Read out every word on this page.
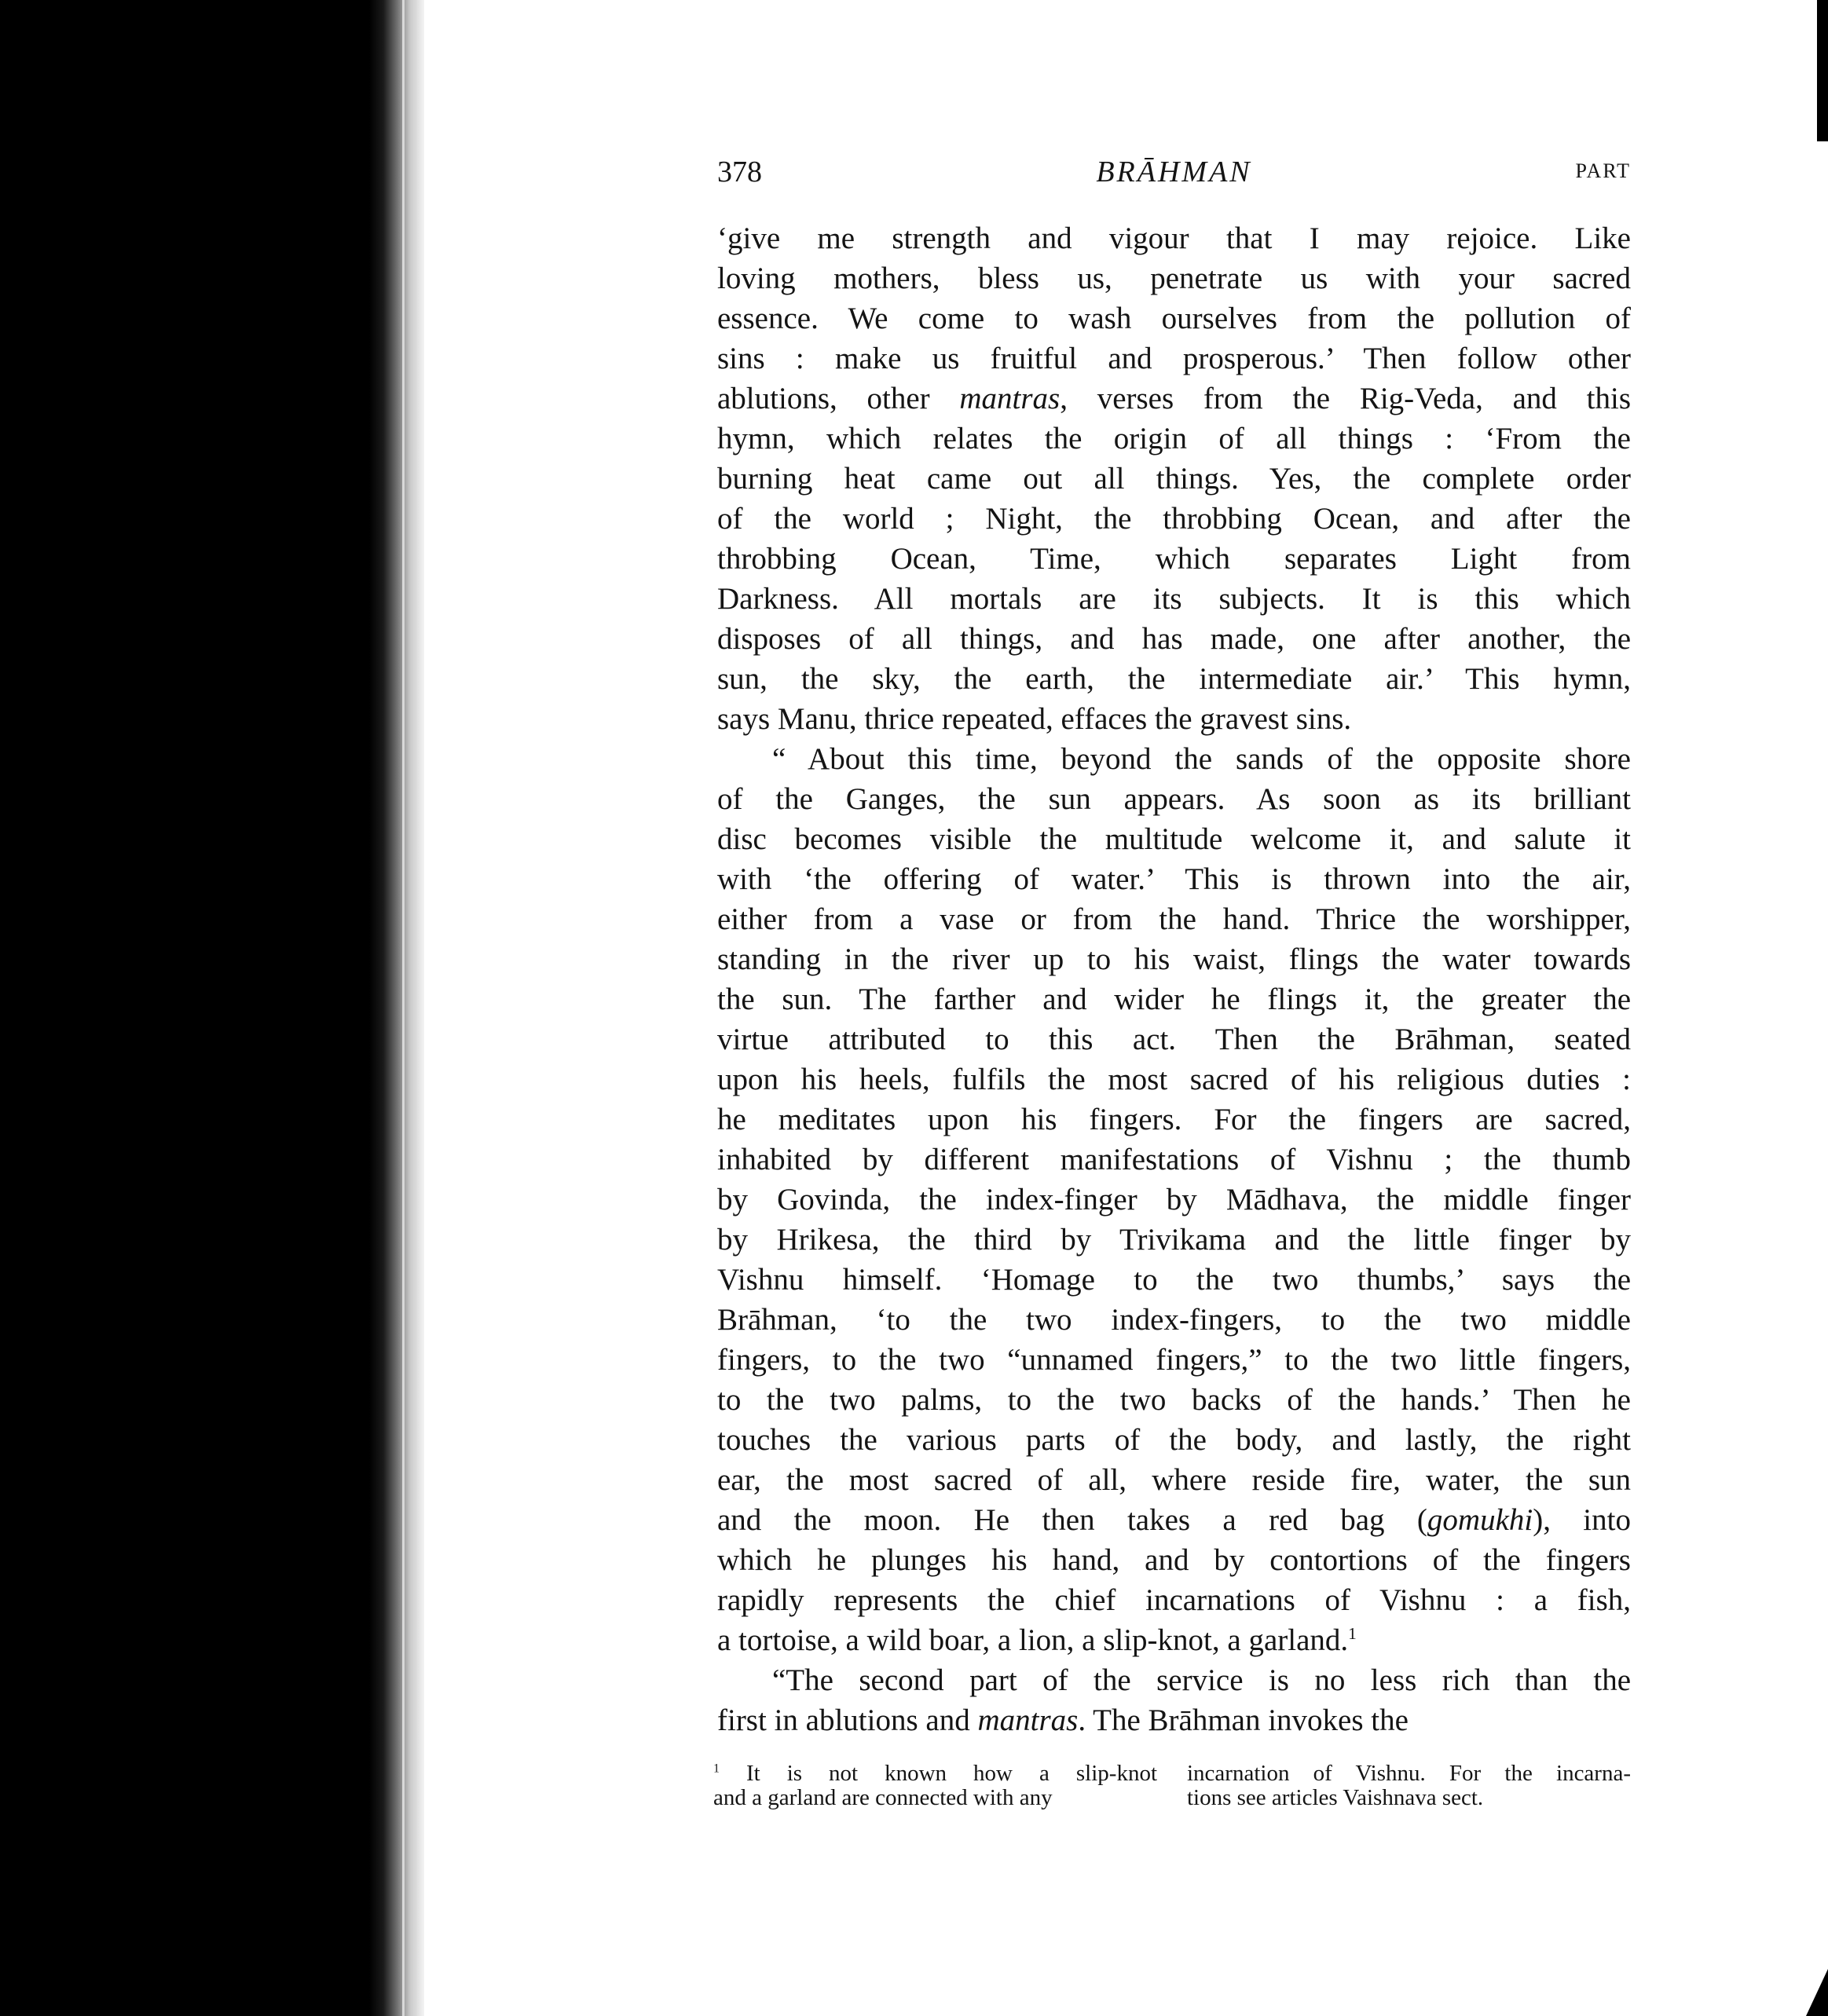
378	BRĀHMAN	PART
‘give me strength and vigour that I may rejoice. Like
loving mothers, bless us, penetrate us with your sacred
essence. We come to wash ourselves from the pollution of
sins : make us fruitful and prosperous.’ Then follow other
ablutions, other mantras, verses from the Rig-Veda, and this
hymn, which relates the origin of all things : ‘From the
burning heat came out all things. Yes, the complete order
of the world ; Night, the throbbing Ocean, and after the
throbbing Ocean, Time, which separates Light from
Darkness. All mortals are its subjects. It is this which
disposes of all things, and has made, one after another, the
sun, the sky, the earth, the intermediate air.’ This hymn,
says Manu, thrice repeated, effaces the gravest sins.
“ About this time, beyond the sands of the opposite shore
of the Ganges, the sun appears. As soon as its brilliant
disc becomes visible the multitude welcome it, and salute it
with ‘the offering of water.’ This is thrown into the air,
either from a vase or from the hand. Thrice the worshipper,
standing in the river up to his waist, flings the water towards
the sun. The farther and wider he flings it, the greater the
virtue attributed to this act. Then the Brāhman, seated
upon his heels, fulfils the most sacred of his religious duties :
he meditates upon his fingers. For the fingers are sacred,
inhabited by different manifestations of Vishnu ; the thumb
by Govinda, the index-finger by Mādhava, the middle finger
by Hrikesa, the third by Trivikama and the little finger by
Vishnu himself. ‘Homage to the two thumbs,’ says the
Brāhman, ‘to the two index-fingers, to the two middle
fingers, to the two “unnamed fingers,” to the two little fingers,
to the two palms, to the two backs of the hands.’ Then he
touches the various parts of the body, and lastly, the right
ear, the most sacred of all, where reside fire, water, the sun
and the moon. He then takes a red bag (gomukhi), into
which he plunges his hand, and by contortions of the fingers
rapidly represents the chief incarnations of Vishnu : a fish,
a tortoise, a wild boar, a lion, a slip-knot, a garland.$^1$
“The second part of the service is no less rich than the
first in ablutions and mantras. The Brāhman invokes the
$^1$ It is not known how a slip-knot
and a garland are connected with any
incarnation of Vishnu. For the incarna-
tions see articles Vaishnava sect.
